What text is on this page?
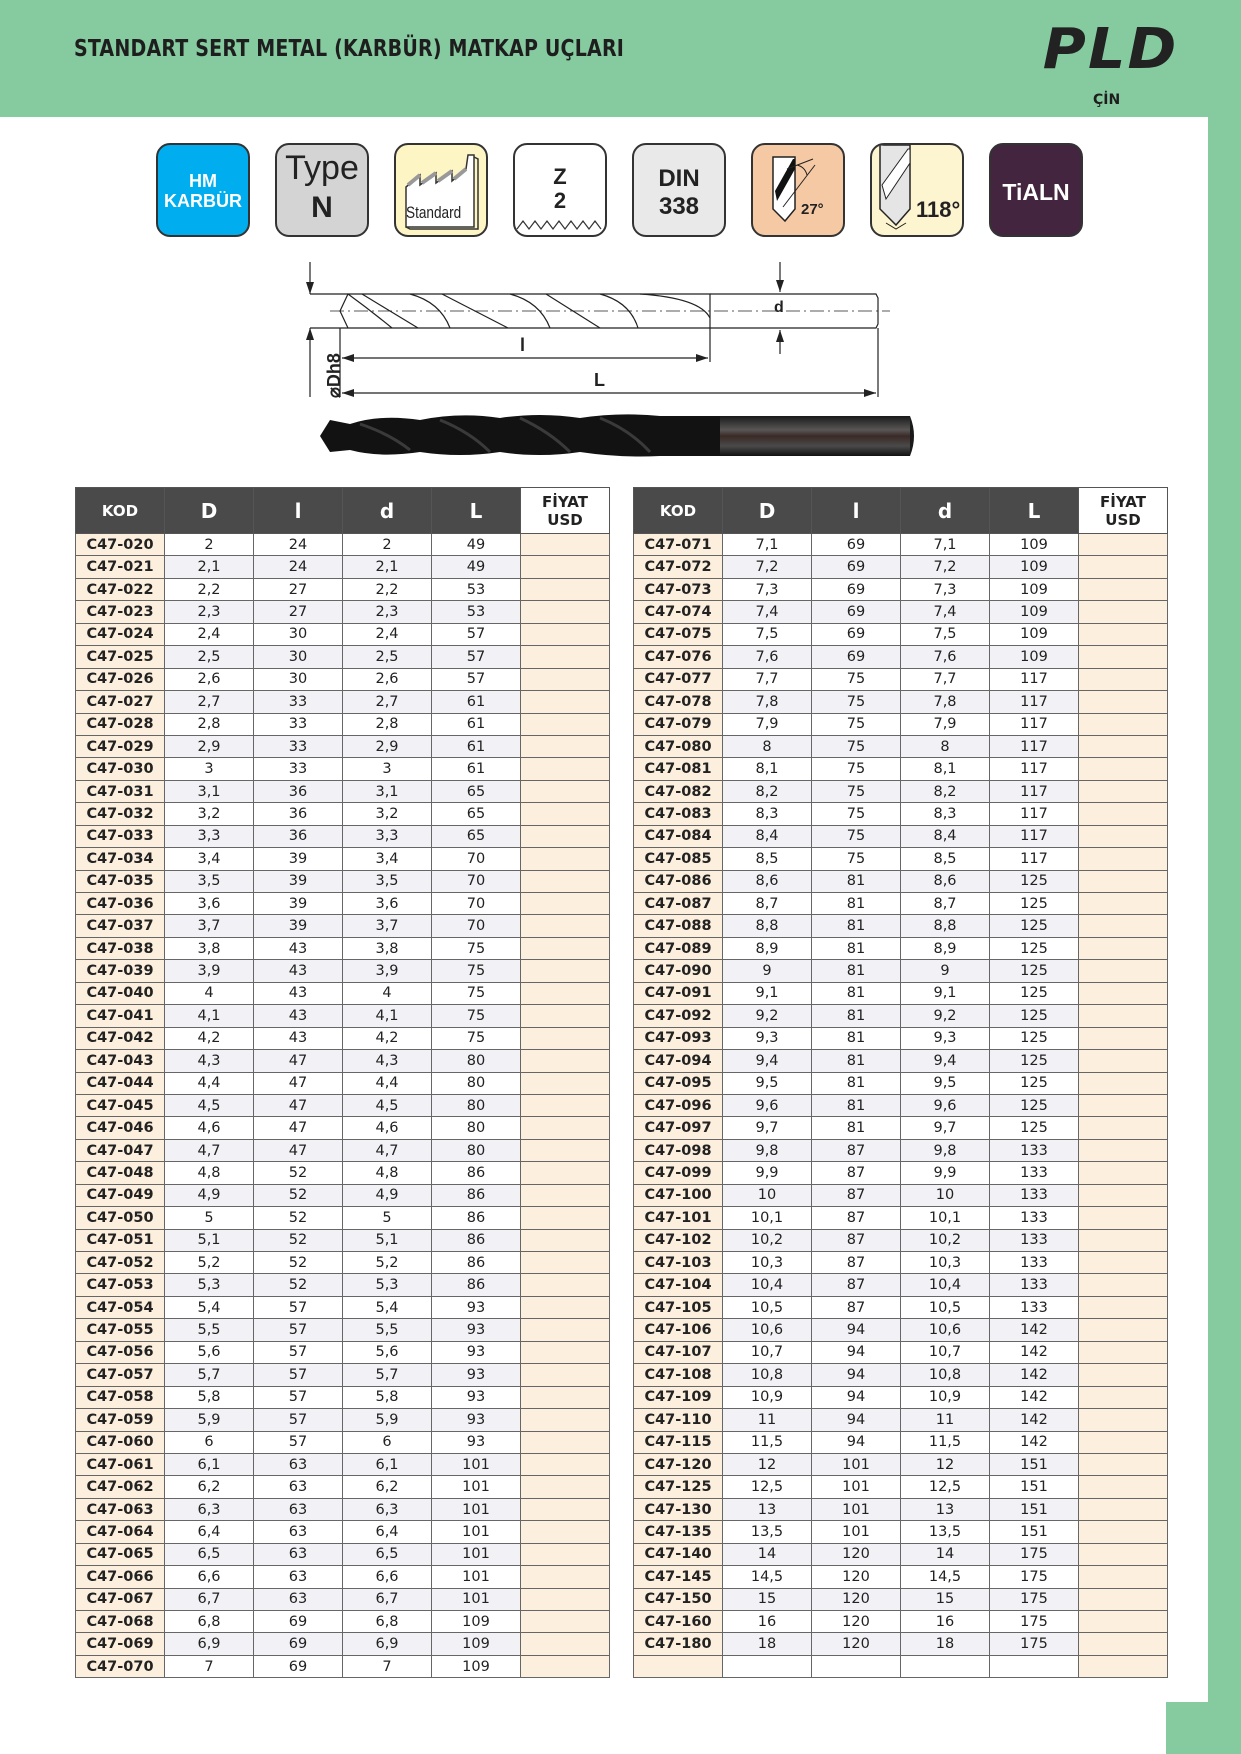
STANDART SERT METAL (KARBÜR) MATKAP UÇLARI	PLD
ÇİN
HM
KARBÜR
Type
N	Standard
Z
2
DIN
338	27°	118°
TiALN
d
l
L
⌀Dh8
KOD	D	l	d	L	FİYAT
USD

C47-020	2	24	2	49	
C47-021	2,1	24	2,1	49	
C47-022	2,2	27	2,2	53	
C47-023	2,3	27	2,3	53	
C47-024	2,4	30	2,4	57	
C47-025	2,5	30	2,5	57	
C47-026	2,6	30	2,6	57	
C47-027	2,7	33	2,7	61	
C47-028	2,8	33	2,8	61	
C47-029	2,9	33	2,9	61	
C47-030	3	33	3	61	
C47-031	3,1	36	3,1	65	
C47-032	3,2	36	3,2	65	
C47-033	3,3	36	3,3	65	
C47-034	3,4	39	3,4	70	
C47-035	3,5	39	3,5	70	
C47-036	3,6	39	3,6	70	
C47-037	3,7	39	3,7	70	
C47-038	3,8	43	3,8	75	
C47-039	3,9	43	3,9	75	
C47-040	4	43	4	75	
C47-041	4,1	43	4,1	75	
C47-042	4,2	43	4,2	75	
C47-043	4,3	47	4,3	80	
C47-044	4,4	47	4,4	80	
C47-045	4,5	47	4,5	80	
C47-046	4,6	47	4,6	80	
C47-047	4,7	47	4,7	80	
C47-048	4,8	52	4,8	86	
C47-049	4,9	52	4,9	86	
C47-050	5	52	5	86	
C47-051	5,1	52	5,1	86	
C47-052	5,2	52	5,2	86	
C47-053	5,3	52	5,3	86	
C47-054	5,4	57	5,4	93	
C47-055	5,5	57	5,5	93	
C47-056	5,6	57	5,6	93	
C47-057	5,7	57	5,7	93	
C47-058	5,8	57	5,8	93	
C47-059	5,9	57	5,9	93	
C47-060	6	57	6	93	
C47-061	6,1	63	6,1	101	
C47-062	6,2	63	6,2	101	
C47-063	6,3	63	6,3	101	
C47-064	6,4	63	6,4	101	
C47-065	6,5	63	6,5	101	
C47-066	6,6	63	6,6	101	
C47-067	6,7	63	6,7	101	
C47-068	6,8	69	6,8	109	
C47-069	6,9	69	6,9	109	
C47-070	7	69	7	109	
KOD	D	l	d	L	FİYAT
USD

C47-071	7,1	69	7,1	109	
C47-072	7,2	69	7,2	109	
C47-073	7,3	69	7,3	109	
C47-074	7,4	69	7,4	109	
C47-075	7,5	69	7,5	109	
C47-076	7,6	69	7,6	109	
C47-077	7,7	75	7,7	117	
C47-078	7,8	75	7,8	117	
C47-079	7,9	75	7,9	117	
C47-080	8	75	8	117	
C47-081	8,1	75	8,1	117	
C47-082	8,2	75	8,2	117	
C47-083	8,3	75	8,3	117	
C47-084	8,4	75	8,4	117	
C47-085	8,5	75	8,5	117	
C47-086	8,6	81	8,6	125	
C47-087	8,7	81	8,7	125	
C47-088	8,8	81	8,8	125	
C47-089	8,9	81	8,9	125	
C47-090	9	81	9	125	
C47-091	9,1	81	9,1	125	
C47-092	9,2	81	9,2	125	
C47-093	9,3	81	9,3	125	
C47-094	9,4	81	9,4	125	
C47-095	9,5	81	9,5	125	
C47-096	9,6	81	9,6	125	
C47-097	9,7	81	9,7	125	
C47-098	9,8	87	9,8	133	
C47-099	9,9	87	9,9	133	
C47-100	10	87	10	133	
C47-101	10,1	87	10,1	133	
C47-102	10,2	87	10,2	133	
C47-103	10,3	87	10,3	133	
C47-104	10,4	87	10,4	133	
C47-105	10,5	87	10,5	133	
C47-106	10,6	94	10,6	142	
C47-107	10,7	94	10,7	142	
C47-108	10,8	94	10,8	142	
C47-109	10,9	94	10,9	142	
C47-110	11	94	11	142	
C47-115	11,5	94	11,5	142	
C47-120	12	101	12	151	
C47-125	12,5	101	12,5	151	
C47-130	13	101	13	151	
C47-135	13,5	101	13,5	151	
C47-140	14	120	14	175	
C47-145	14,5	120	14,5	175	
C47-150	15	120	15	175	
C47-160	16	120	16	175	
C47-180	18	120	18	175	
